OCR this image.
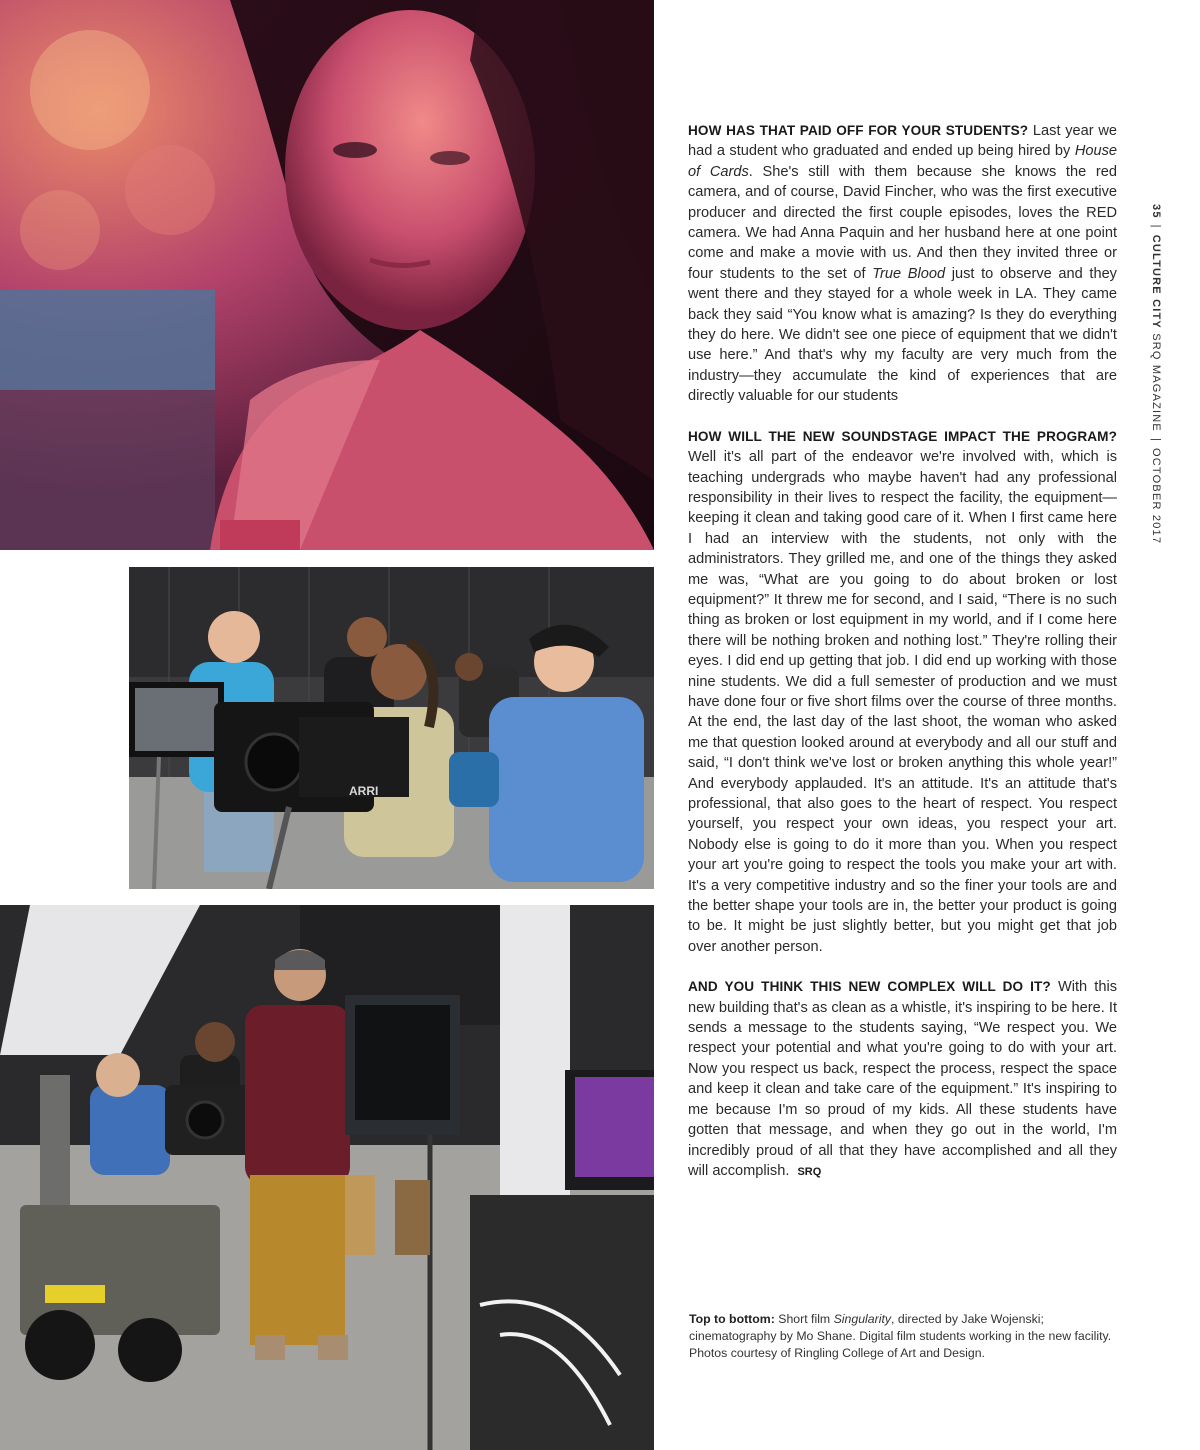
ARRI

HOW HAS THAT PAID OFF FOR YOUR STUDENTS? Last year we had a student who graduated and ended up being hired by House of Cards. She's still with them because she knows the red camera, and of course, David Fincher, who was the first executive producer and directed the first couple episodes, loves the RED camera. We had Anna Paquin and her husband here at one point come and make a movie with us. And then they invited three or four students to the set of True Blood just to observe and they went there and they stayed for a whole week in LA. They came back they said “You know what is amazing? Is they do everything they do here. We didn't see one piece of equipment that we didn't use here.” And that's why my faculty are very much from the industry—they accumulate the kind of experiences that are directly valuable for our students

HOW WILL THE NEW SOUNDSTAGE IMPACT THE PROGRAM? Well it's all part of the endeavor we're involved with, which is teaching undergrads who maybe haven't had any professional responsibility in their lives to respect the facility, the equipment—keeping it clean and taking good care of it. When I first came here I had an interview with the students, not only with the administrators. They grilled me, and one of the things they asked me was, “What are you going to do about broken or lost equipment?” It threw me for second, and I said, “There is no such thing as broken or lost equipment in my world, and if I come here there will be nothing broken and nothing lost.” They're rolling their eyes. I did end up getting that job. I did end up working with those nine students. We did a full semester of production and we must have done four or five short films over the course of three months. At the end, the last day of the last shoot, the woman who asked me that question looked around at everybody and all our stuff and said, “I don't think we've lost or broken anything this whole year!” And everybody applauded. It's an attitude. It's an attitude that's professional, that also goes to the heart of respect. You respect yourself, you respect your own ideas, you respect your art. Nobody else is going to do it more than you. When you respect your art you're going to respect the tools you make your art with. It's a very competitive industry and so the finer your tools are and the better shape your tools are in, the better your product is going to be. It might be just slightly better, but you might get that job over another person.

AND YOU THINK THIS NEW COMPLEX WILL DO IT? With this new building that's as clean as a whistle, it's inspiring to be here. It sends a message to the students saying, “We respect you. We respect your potential and what you're going to do with your art. Now you respect us back, respect the process, respect the space and keep it clean and take care of the equipment.” It's inspiring to me because I'm so proud of my kids. All these students have gotten that message, and when they go out in the world, I'm incredibly proud of all that they have accomplished and all they will accomplish. SRQ

35|CULTURE CITY SRQ MAGAZINE|OCTOBER 2017
Top to bottom: Short film Singularity, directed by Jake Wojenski; cinematography by Mo Shane. Digital film students working in the new facility. Photos courtesy of Ringling College of Art and Design.
